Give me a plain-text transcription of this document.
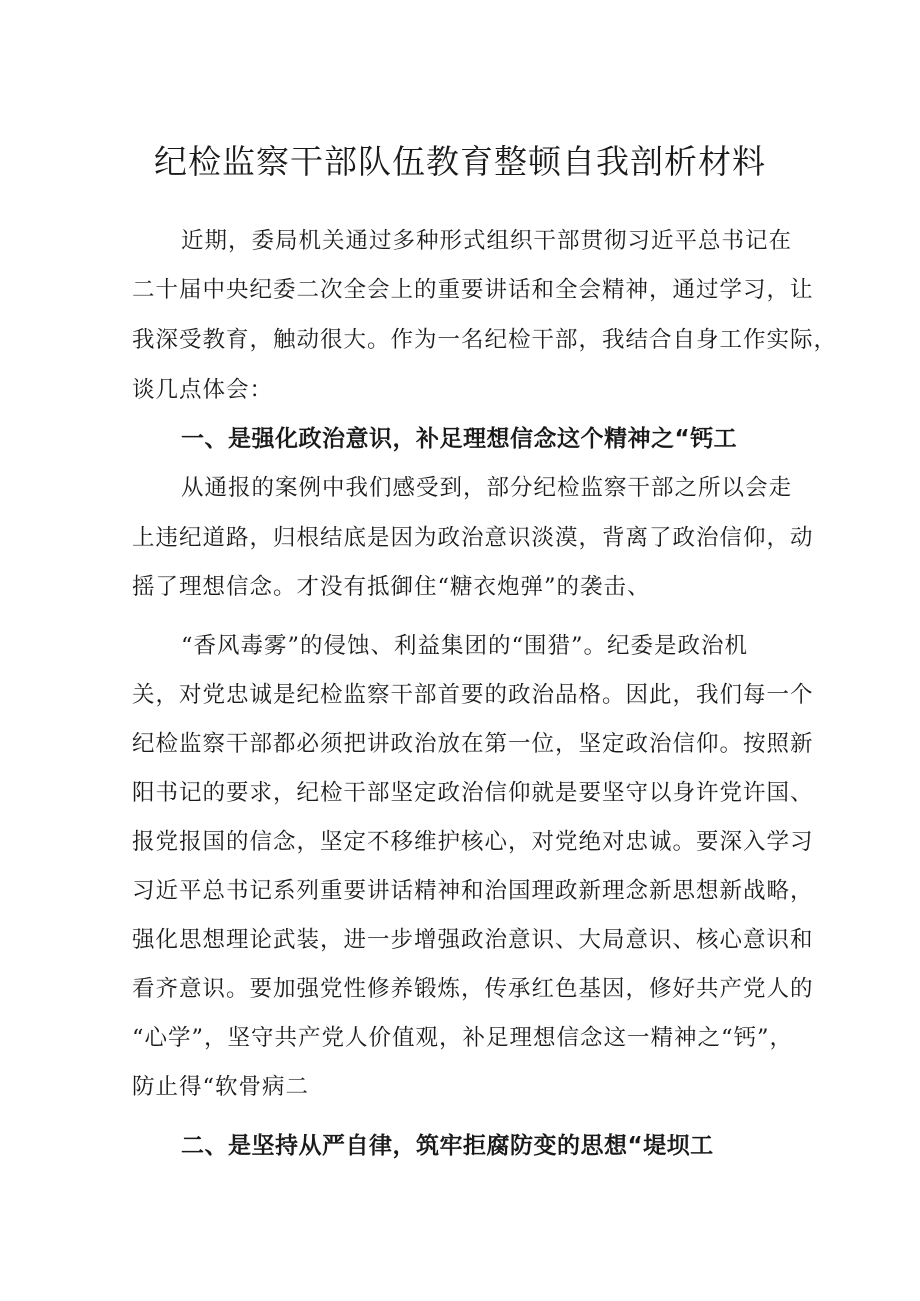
纪检监察干部队伍教育整顿自我剖析材料
近期，委局机关通过多种形式组织干部贯彻习近平总书记在
二十届中央纪委二次全会上的重要讲话和全会精神，通过学习，让
我深受教育，触动很大。作为一名纪检干部，我结合自身工作实际，
谈几点体会：
一、是强化政治意识，补足理想信念这个精神之“钙工
从通报的案例中我们感受到，部分纪检监察干部之所以会走
上违纪道路，归根结底是因为政治意识淡漠，背离了政治信仰，动
摇了理想信念。才没有抵御住“糖衣炮弹”的袭击、
“香风毒雾”的侵蚀、利益集团的“围猎”。纪委是政治机
关，对党忠诚是纪检监察干部首要的政治品格。因此，我们每一个
纪检监察干部都必须把讲政治放在第一位，坚定政治信仰。按照新
阳书记的要求，纪检干部坚定政治信仰就是要坚守以身许党许国、
报党报国的信念，坚定不移维护核心，对党绝对忠诚。要深入学习
习近平总书记系列重要讲话精神和治国理政新理念新思想新战略，
强化思想理论武装，进一步增强政治意识、大局意识、核心意识和
看齐意识。要加强党性修养锻炼，传承红色基因，修好共产党人的
“心学”，坚守共产党人价值观，补足理想信念这一精神之“钙”，
防止得“软骨病二
二、是坚持从严自律，筑牢拒腐防变的思想“堤坝工
